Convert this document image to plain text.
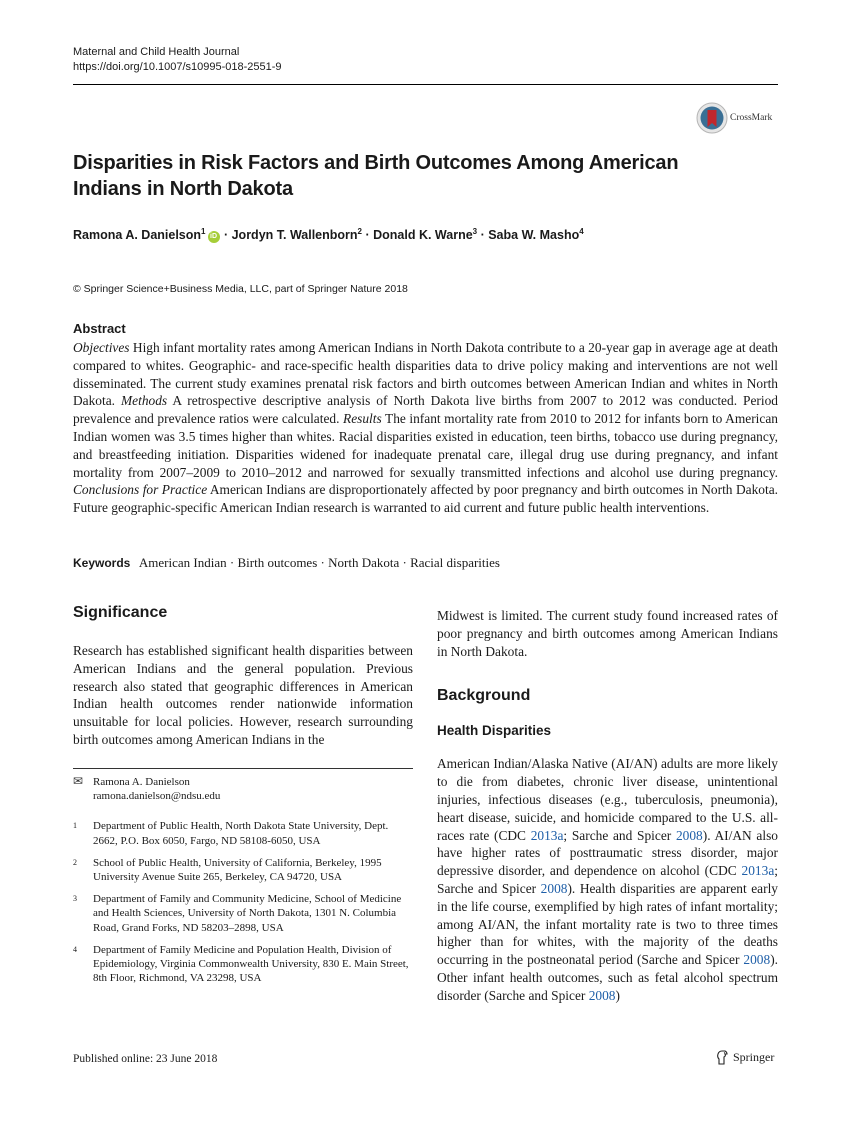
Maternal and Child Health Journal
https://doi.org/10.1007/s10995-018-2551-9
CrossMark
Disparities in Risk Factors and Birth Outcomes Among American Indians in North Dakota
Ramona A. Danielson$^1$iD · Jordyn T. Wallenborn$^2$ · Donald K. Warne$^3$ · Saba W. Masho$^4$
© Springer Science+Business Media, LLC, part of Springer Nature 2018
Abstract
Objectives High infant mortality rates among American Indians in North Dakota contribute to a 20-year gap in average age at death compared to whites. Geographic- and race-specific health disparities data to drive policy making and interventions are not well disseminated. The current study examines prenatal risk factors and birth outcomes between American Indian and whites in North Dakota. Methods A retrospective descriptive analysis of North Dakota live births from 2007 to 2012 was conducted. Period prevalence and prevalence ratios were calculated. Results The infant mortality rate from 2010 to 2012 for infants born to American Indian women was 3.5 times higher than whites. Racial disparities existed in education, teen births, tobacco use during pregnancy, and breastfeeding initiation. Disparities widened for inadequate prenatal care, illegal drug use during pregnancy, and infant mortality from 2007–2009 to 2010–2012 and narrowed for sexually transmitted infections and alcohol use during pregnancy. Conclusions for Practice American Indians are disproportionately affected by poor pregnancy and birth outcomes in North Dakota. Future geographic-specific American Indian research is warranted to aid current and future public health interventions.
Keywords American Indian · Birth outcomes · North Dakota · Racial disparities
Significance
Research has established significant health disparities between American Indians and the general population. Previous research also stated that geographic differences in American Indian health outcomes render nationwide information unsuitable for local policies. However, research surrounding birth outcomes among American Indians in the
✉ Ramona A. Danielson
ramona.danielson@ndsu.edu
1 Department of Public Health, North Dakota State University, Dept. 2662, P.O. Box 6050, Fargo, ND 58108-6050, USA
2 School of Public Health, University of California, Berkeley, 1995 University Avenue Suite 265, Berkeley, CA 94720, USA
3 Department of Family and Community Medicine, School of Medicine and Health Sciences, University of North Dakota, 1301 N. Columbia Road, Grand Forks, ND 58203–2898, USA
4 Department of Family Medicine and Population Health, Division of Epidemiology, Virginia Commonwealth University, 830 E. Main Street, 8th Floor, Richmond, VA 23298, USA
Midwest is limited. The current study found increased rates of poor pregnancy and birth outcomes among American Indians in North Dakota.
Background
Health Disparities
American Indian/Alaska Native (AI/AN) adults are more likely to die from diabetes, chronic liver disease, unintentional injuries, infectious diseases (e.g., tuberculosis, pneumonia), heart disease, suicide, and homicide compared to the U.S. all-races rate (CDC 2013a; Sarche and Spicer 2008). AI/AN also have higher rates of posttraumatic stress disorder, major depressive disorder, and dependence on alcohol (CDC 2013a; Sarche and Spicer 2008). Health disparities are apparent early in the life course, exemplified by high rates of infant mortality; among AI/AN, the infant mortality rate is two to three times higher than for whites, with the majority of the deaths occurring in the postneonatal period (Sarche and Spicer 2008). Other infant health outcomes, such as fetal alcohol spectrum disorder (Sarche and Spicer 2008)
Published online: 23 June 2018	Springer
